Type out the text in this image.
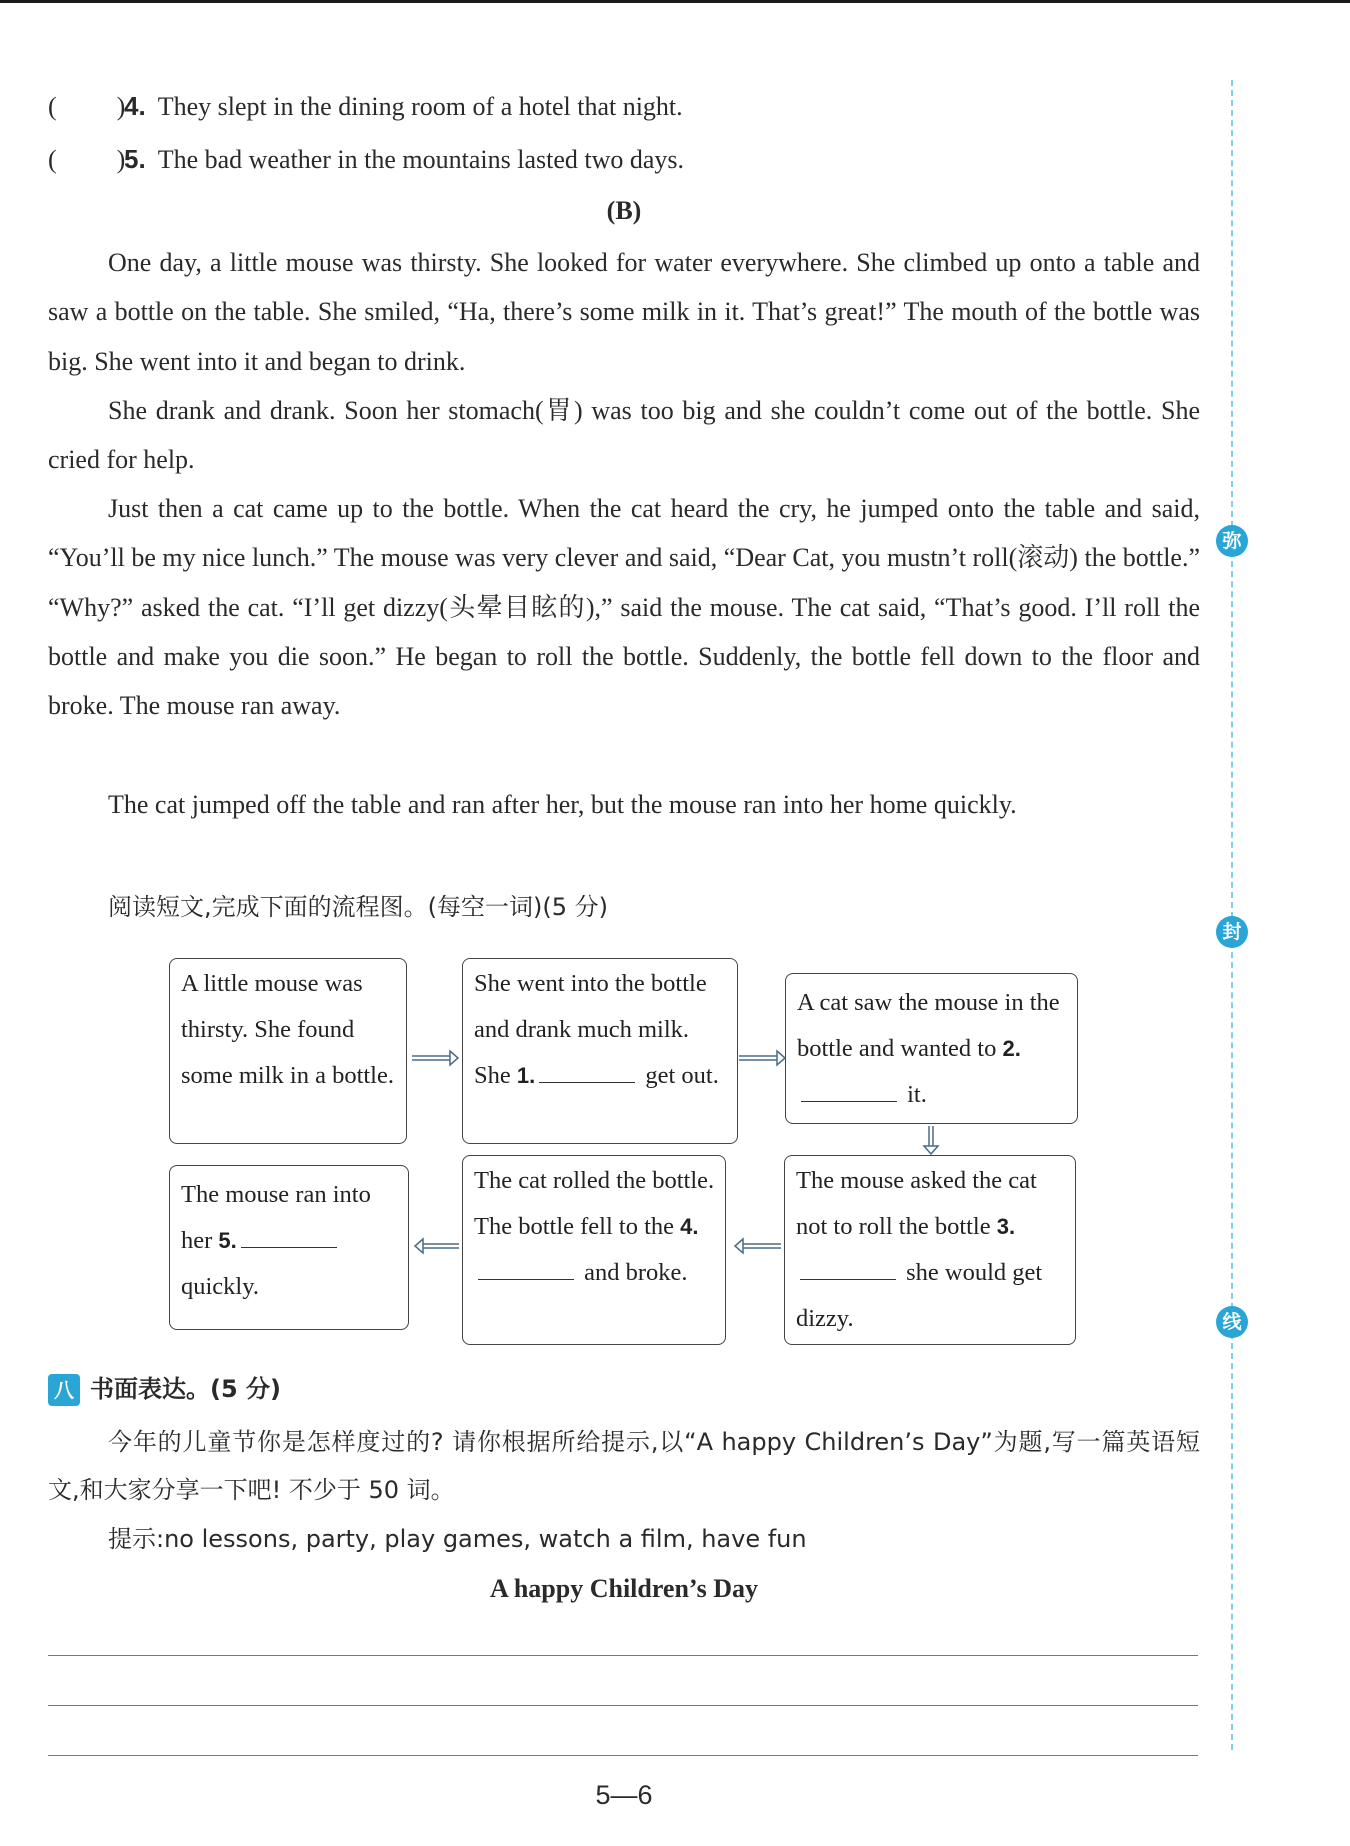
弥
封
线
( )4. They slept in the dining room of a hotel that night.
( )5. The bad weather in the mountains lasted two days.
(B)
One day, a little mouse was thirsty. She looked for water everywhere. She climbed up onto a table and saw a bottle on the table. She smiled, “Ha, there’s some milk in it. That’s great!” The mouth of the bottle was big. She went into it and began to drink.
She drank and drank. Soon her stomach(胃) was too big and she couldn’t come out of the bottle. She cried for help.
Just then a cat came up to the bottle. When the cat heard the cry, he jumped onto the table and said, “You’ll be my nice lunch.” The mouse was very clever and said, “Dear Cat, you mustn’t roll(滚动) the bottle.” “Why?” asked the cat. “I’ll get dizzy(头晕目眩的),” said the mouse. The cat said, “That’s good. I’ll roll the bottle and make you die soon.” He began to roll the bottle. Suddenly, the bottle fell down to the floor and broke. The mouse ran away.
The cat jumped off the table and ran after her, but the mouse ran into her home quickly.
阅读短文,完成下面的流程图。(每空一词)(5 分)
A little mouse was thirsty. She found some milk in a bottle.
She went into the bottle and drank much milk. She 1.	get out.
A cat saw the mouse in the bottle and wanted to 2. it.
The mouse asked the cat not to roll the bottle 3. she would get dizzy.
The cat rolled the bottle. The bottle fell to the 4. and broke.
The mouse ran into her 5. quickly.
八 书面表达。(5 分)
今年的儿童节你是怎样度过的? 请你根据所给提示,以“A happy Children’s Day”为题,写一篇英语短文,和大家分享一下吧! 不少于 50 词。
提示:no lessons, party, play games, watch a film, have fun
A happy Children’s Day
5—6
